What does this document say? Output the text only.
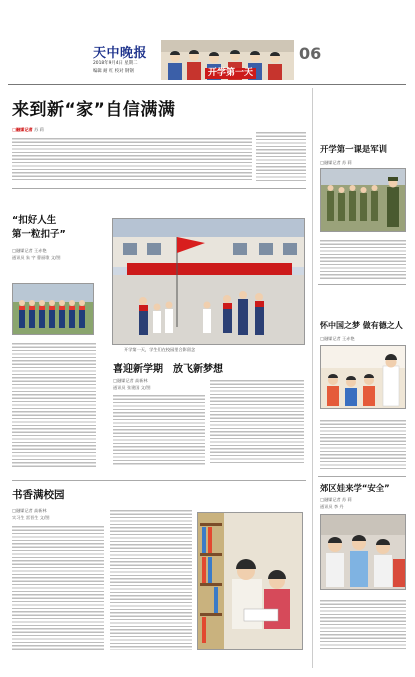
天中晚报
2018年9月4日 星期二
编辑 耐 红 校对 钢钢	开学第一天
06
来到新“家”自信满满
□融媒记者 苏 莉
“扣好人生
第一粒扣子”
□融媒记者 王赤艳
通讯员 朱 宇 曹丽歌 文/图
开学第一天，学生们在校园里合影留念
喜迎新学期　放飞新梦想
□融媒记者 高新林
通讯员 张建国 文/图
书香满校园
□融媒记者 高新林
实习生 雷晋生 文/图
开学第一课是军训
□融媒记者 苏 莉
怀中国之梦 做有德之人
□融媒记者 王赤艳
郊区娃来学“安全”
□融媒记者 苏 莉
通讯员 李 丹
